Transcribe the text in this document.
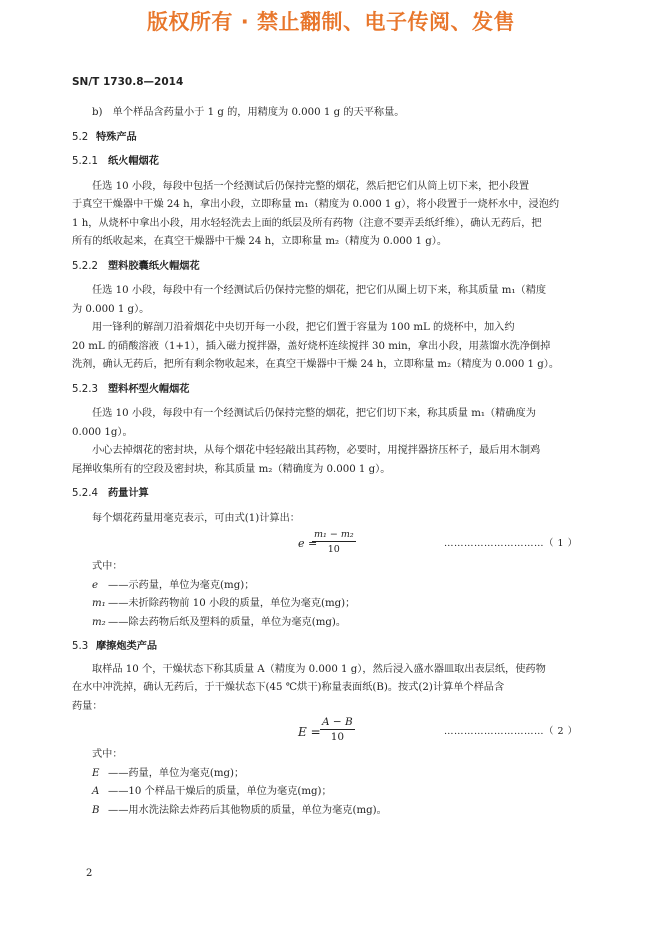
版权所有 · 禁止翻制、电子传阅、发售
SN/T 1730.8—2014
b)　单个样品含药量小于 1 g 的，用精度为 0.000 1 g 的天平称量。
5.2 特殊产品
5.2.1 纸火帽烟花
任选 10 小段，每段中包括一个经测试后仍保持完整的烟花，然后把它们从筒上切下来，把小段置
于真空干燥器中干燥 24 h，拿出小段，立即称量 m₁（精度为 0.000 1 g），将小段置于一烧杯水中，浸泡约
1 h，从烧杯中拿出小段，用水轻轻洗去上面的纸层及所有药物（注意不要弄丢纸纤维），确认无药后，把
所有的纸收起来，在真空干燥器中干燥 24 h，立即称量 m₂（精度为 0.000 1 g）。
5.2.2 塑料胶囊纸火帽烟花
任选 10 小段，每段中有一个经测试后仍保持完整的烟花，把它们从圈上切下来，称其质量 m₁（精度
为 0.000 1 g）。
用一锋利的解剖刀沿着烟花中央切开每一小段，把它们置于容量为 100 mL 的烧杯中，加入约
20 mL 的硝酸溶液（1+1），插入磁力搅拌器，盖好烧杯连续搅拌 30 min，拿出小段，用蒸馏水洗净倒掉
洗剂，确认无药后，把所有剩余物收起来，在真空干燥器中干燥 24 h，立即称量 m₂（精度为 0.000 1 g）。
5.2.3 塑料杯型火帽烟花
任选 10 小段，每段中有一个经测试后仍保持完整的烟花，把它们切下来，称其质量 m₁（精确度为
0.000 1g）。
小心去掉烟花的密封块，从每个烟花中轻轻敲出其药物，必要时，用搅拌器挤压杯子，最后用木制鸡
尾掸收集所有的空段及密封块，称其质量 m₂（精确度为 0.000 1 g）。
5.2.4 药量计算
每个烟花药量用毫克表示，可由式(1)计算出：
e =
$\frac{\text{m₁ − m₂}}{10}$	…………………………（ 1 ）
式中：
e ——示药量，单位为毫克(mg)；
m₁ ——未折除药物前 10 小段的质量，单位为毫克(mg)；
m₂ ——除去药物后纸及塑料的质量，单位为毫克(mg)。
5.3 摩擦炮类产品
取样品 10 个，干燥状态下称其质量 A（精度为 0.000 1 g），然后浸入盛水器皿取出表层纸，使药物
在水中冲洗掉，确认无药后，于干燥状态下(45 ℃烘干)称量表面纸(B)。按式(2)计算单个样品含
药量：
$E = \frac{A - B}{10}$	…………………………（ 2 ）
式中：
E ——药量，单位为毫克(mg)；
A ——10 个样品干燥后的质量，单位为毫克(mg)；
B ——用水洗法除去炸药后其他物质的质量，单位为毫克(mg)。
2
